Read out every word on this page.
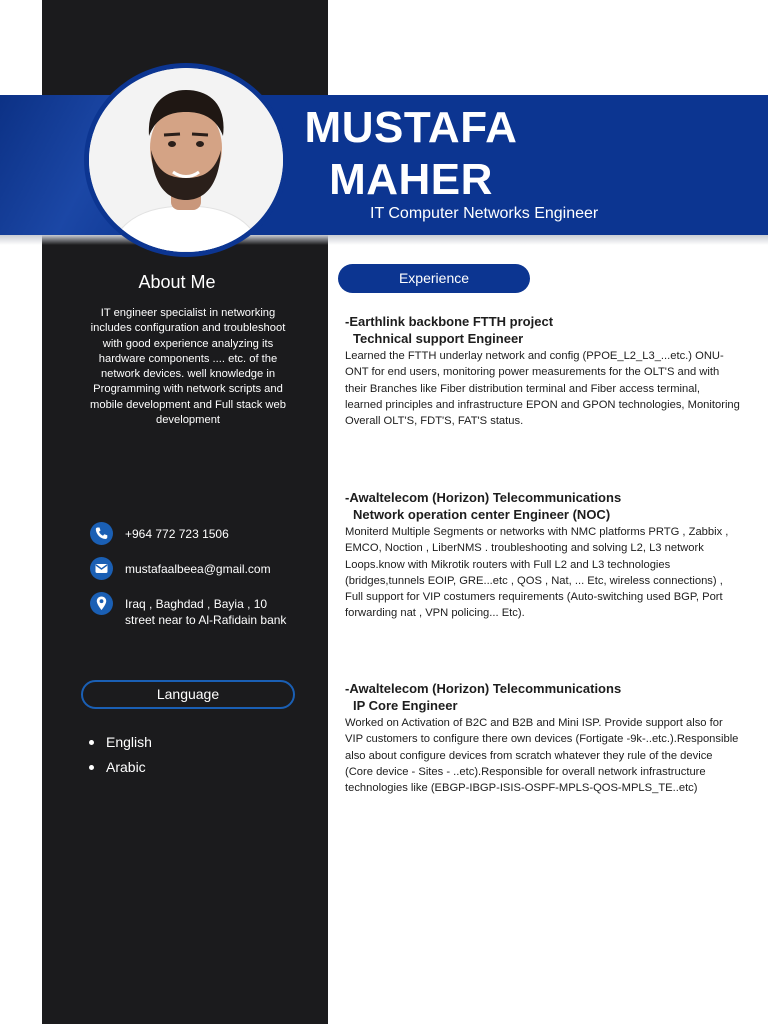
MUSTAFA
MAHER
IT Computer Networks Engineer
About Me
IT engineer specialist in networking includes configuration and troubleshoot with good experience analyzing its hardware components .... etc. of the network devices. well knowledge in Programming with network scripts and mobile development and Full stack web development
+964 772 723 1506
mustafaalbeea@gmail.com
Iraq , Baghdad , Bayia , 10 street near to Al-Rafidain bank
Language
English
Arabic
Experience
-Earthlink backbone FTTH project
Technical support Engineer
Learned the FTTH underlay network and config (PPOE_L2_L3_...etc.) ONU-ONT for end users, monitoring power measurements for the OLT'S and with their Branches like Fiber distribution terminal and Fiber access terminal, learned principles and infrastructure EPON and GPON technologies, Monitoring Overall OLT'S, FDT'S, FAT'S status.
-Awaltelecom (Horizon) Telecommunications
Network operation center Engineer (NOC)
Moniterd Multiple Segments or networks with NMC platforms PRTG , Zabbix , EMCO, Noction , LiberNMS . troubleshooting and solving L2, L3 network Loops.know with Mikrotik routers with Full L2 and L3 technologies (bridges,tunnels EOIP, GRE...etc , QOS , Nat, ... Etc, wireless connections) , Full support for VIP costumers requirements (Auto-switching used BGP, Port forwarding nat , VPN policing... Etc).
-Awaltelecom (Horizon) Telecommunications
IP Core Engineer
Worked on Activation of B2C and B2B and Mini ISP. Provide support also for VIP customers to configure there own devices (Fortigate -9k-..etc.).Responsible also about configure devices from scratch whatever they rule of the device (Core device - Sites - ..etc).Responsible for overall network infrastructure technologies like (EBGP-IBGP-ISIS-OSPF-MPLS-QOS-MPLS_TE..etc)
